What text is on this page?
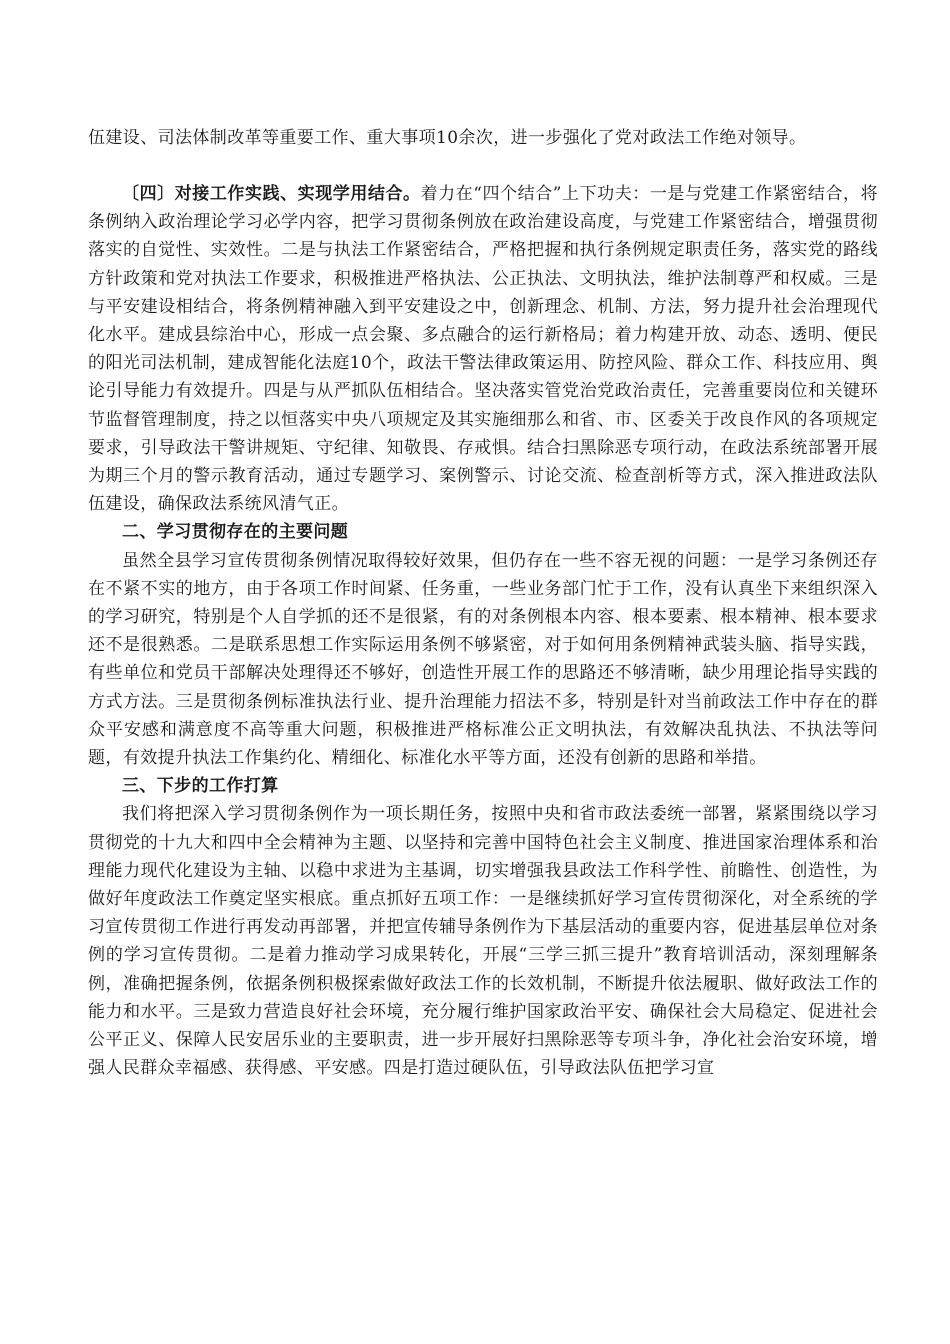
伍建设、司法体制改革等重要工作、重大事项10余次，进一步强化了党对政法工作绝对领导。

〔四〕对接工作实践、实现学用结合。着力在“四个结合”上下功夫：一是与党建工作紧密结合，将条例纳入政治理论学习必学内容，把学习贯彻条例放在政治建设高度，与党建工作紧密结合，增强贯彻落实的自觉性、实效性。二是与执法工作紧密结合，严格把握和执行条例规定职责任务，落实党的路线方针政策和党对执法工作要求，积极推进严格执法、公正执法、文明执法，维护法制尊严和权威。三是与平安建设相结合，将条例精神融入到平安建设之中，创新理念、机制、方法，努力提升社会治理现代化水平。建成县综治中心，形成一点会聚、多点融合的运行新格局；着力构建开放、动态、透明、便民的阳光司法机制，建成智能化法庭10个，政法干警法律政策运用、防控风险、群众工作、科技应用、舆论引导能力有效提升。四是与从严抓队伍相结合。坚决落实管党治党政治责任，完善重要岗位和关键环节监督管理制度，持之以恒落实中央八项规定及其实施细那么和省、市、区委关于改良作风的各项规定要求，引导政法干警讲规矩、守纪律、知敬畏、存戒惧。结合扫黑除恶专项行动，在政法系统部署开展为期三个月的警示教育活动，通过专题学习、案例警示、讨论交流、检查剖析等方式，深入推进政法队伍建设，确保政法系统风清气正。

二、学习贯彻存在的主要问题

虽然全县学习宣传贯彻条例情况取得较好效果，但仍存在一些不容无视的问题：一是学习条例还存在不紧不实的地方，由于各项工作时间紧、任务重，一些业务部门忙于工作，没有认真坐下来组织深入的学习研究，特别是个人自学抓的还不是很紧，有的对条例根本内容、根本要素、根本精神、根本要求还不是很熟悉。二是联系思想工作实际运用条例不够紧密，对于如何用条例精神武装头脑、指导实践，有些单位和党员干部解决处理得还不够好，创造性开展工作的思路还不够清晰，缺少用理论指导实践的方式方法。三是贯彻条例标准执法行业、提升治理能力招法不多，特别是针对当前政法工作中存在的群众平安感和满意度不高等重大问题，积极推进严格标准公正文明执法，有效解决乱执法、不执法等问题，有效提升执法工作集约化、精细化、标准化水平等方面，还没有创新的思路和举措。

三、下步的工作打算

我们将把深入学习贯彻条例作为一项长期任务，按照中央和省市政法委统一部署，紧紧围绕以学习贯彻党的十九大和四中全会精神为主题、以坚持和完善中国特色社会主义制度、推进国家治理体系和治理能力现代化建设为主轴、以稳中求进为主基调，切实增强我县政法工作科学性、前瞻性、创造性，为做好年度政法工作奠定坚实根底。重点抓好五项工作：一是继续抓好学习宣传贯彻深化，对全系统的学习宣传贯彻工作进行再发动再部署，并把宣传辅导条例作为下基层活动的重要内容，促进基层单位对条例的学习宣传贯彻。二是着力推动学习成果转化，开展“三学三抓三提升”教育培训活动，深刻理解条例，准确把握条例，依据条例积极探索做好政法工作的长效机制，不断提升依法履职、做好政法工作的能力和水平。三是致力营造良好社会环境，充分履行维护国家政治平安、确保社会大局稳定、促进社会公平正义、保障人民安居乐业的主要职责，进一步开展好扫黑除恶等专项斗争，净化社会治安环境，增强人民群众幸福感、获得感、平安感。四是打造过硬队伍，引导政法队伍把学习宣
